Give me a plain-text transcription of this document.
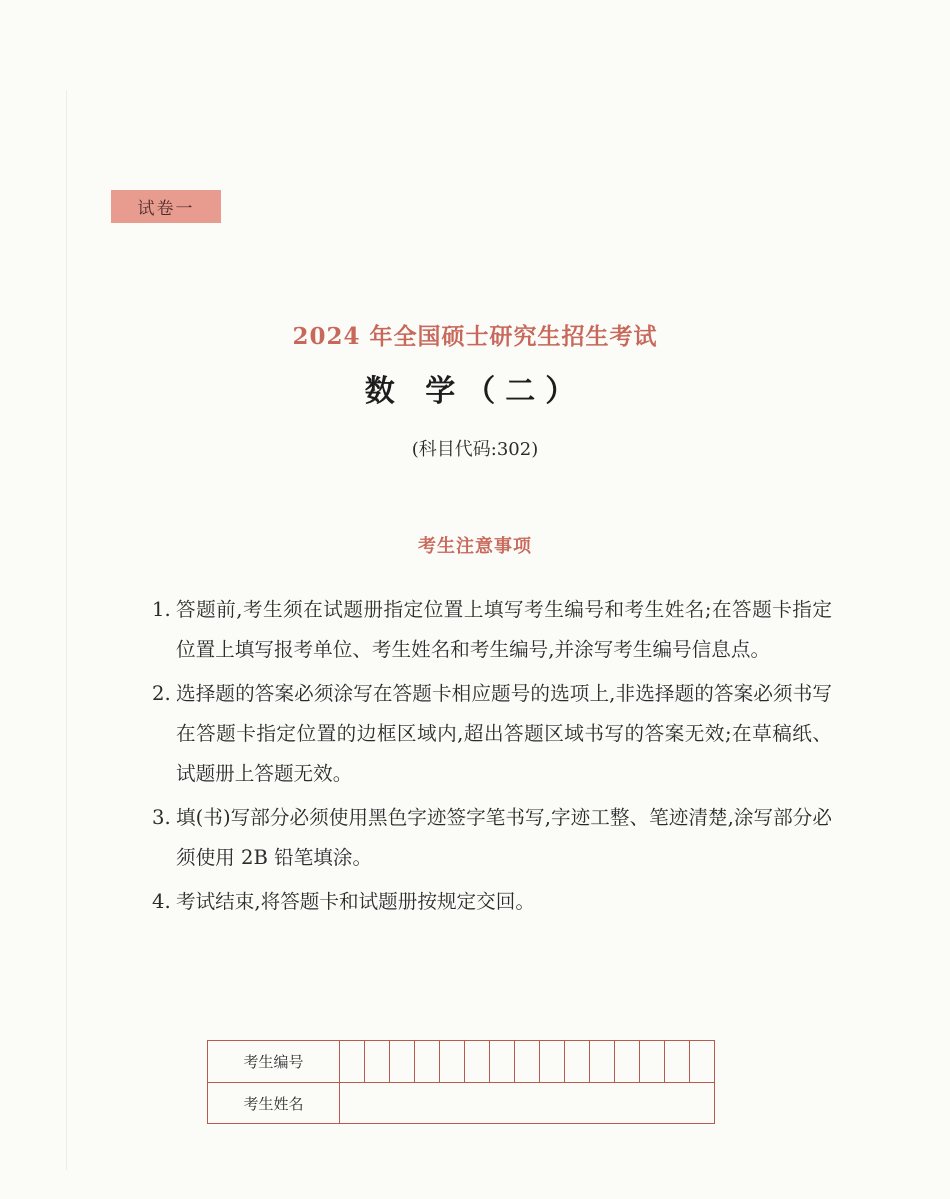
试卷一
2024 年全国硕士研究生招生考试
数 学（二）
(科目代码:302)
考生注意事项
1. 答题前,考生须在试题册指定位置上填写考生编号和考生姓名;在答题卡指定位置上填写报考单位、考生姓名和考生编号,并涂写考生编号信息点。
2. 选择题的答案必须涂写在答题卡相应题号的选项上,非选择题的答案必须书写在答题卡指定位置的边框区域内,超出答题区域书写的答案无效;在草稿纸、试题册上答题无效。
3. 填(书)写部分必须使用黑色字迹签字笔书写,字迹工整、笔迹清楚,涂写部分必须使用 2B 铅笔填涂。
4. 考试结束,将答题卡和试题册按规定交回。
考生编号
考生姓名
